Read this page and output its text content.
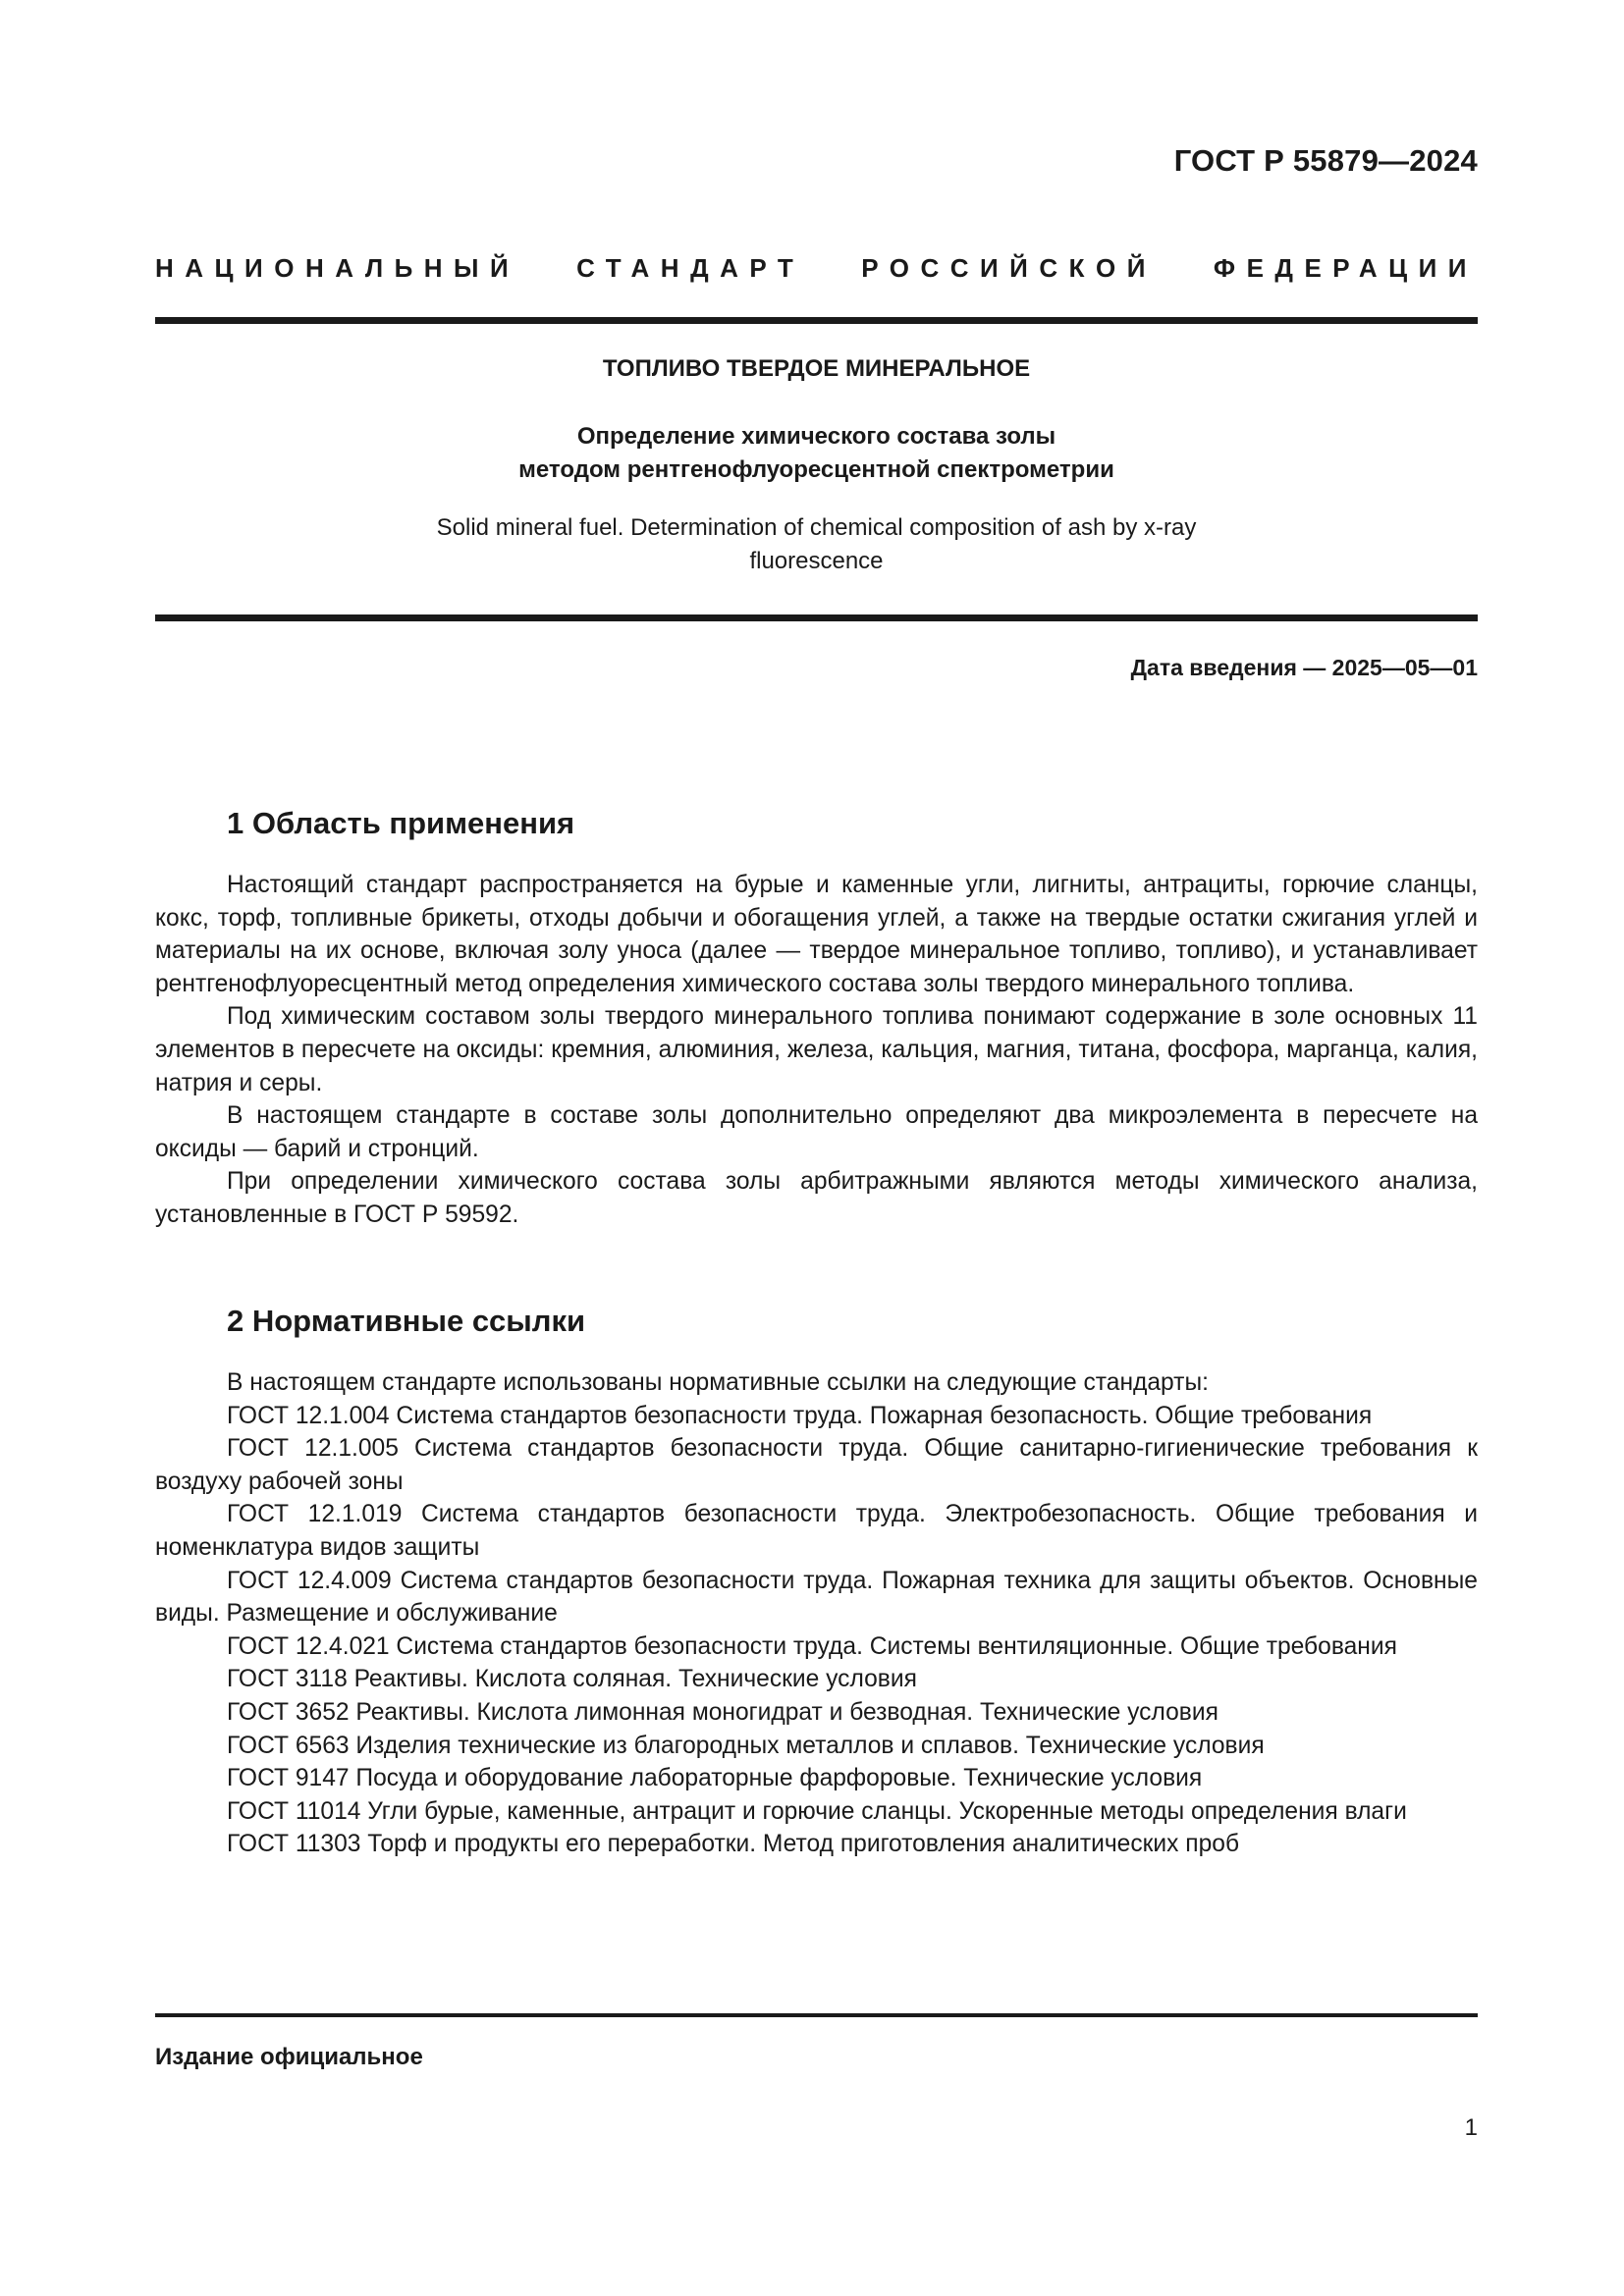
ГОСТ Р 55879—2024
НАЦИОНАЛЬНЫЙ СТАНДАРТ РОССИЙСКОЙ ФЕДЕРАЦИИ
ТОПЛИВО ТВЕРДОЕ МИНЕРАЛЬНОЕ
Определение химического состава золы
методом рентгенофлуоресцентной спектрометрии
Solid mineral fuel. Determination of chemical composition of ash by x-ray
fluorescence
Дата введения — 2025—05—01
1 Область применения

Настоящий стандарт распространяется на бурые и каменные угли, лигниты, антрациты, горючие сланцы, кокс, торф, топливные брикеты, отходы добычи и обогащения углей, а также на твердые остатки сжигания углей и материалы на их основе, включая золу уноса (далее — твердое минеральное топливо, топливо), и устанавливает рентгенофлуоресцентный метод определения химического состава золы твердого минерального топлива.

Под химическим составом золы твердого минерального топлива понимают содержание в золе основных 11 элементов в пересчете на оксиды: кремния, алюминия, железа, кальция, магния, титана, фосфора, марганца, калия, натрия и серы.

В настоящем стандарте в составе золы дополнительно определяют два микроэлемента в пересчете на оксиды — барий и стронций.

При определении химического состава золы арбитражными являются методы химического анализа, установленные в ГОСТ Р 59592.

2 Нормативные ссылки

В настоящем стандарте использованы нормативные ссылки на следующие стандарты:

ГОСТ 12.1.004 Система стандартов безопасности труда. Пожарная безопасность. Общие требования

ГОСТ 12.1.005 Система стандартов безопасности труда. Общие санитарно-гигиенические требования к воздуху рабочей зоны

ГОСТ 12.1.019 Система стандартов безопасности труда. Электробезопасность. Общие требования и номенклатура видов защиты

ГОСТ 12.4.009 Система стандартов безопасности труда. Пожарная техника для защиты объектов. Основные виды. Размещение и обслуживание

ГОСТ 12.4.021 Система стандартов безопасности труда. Системы вентиляционные. Общие требования

ГОСТ 3118 Реактивы. Кислота соляная. Технические условия

ГОСТ 3652 Реактивы. Кислота лимонная моногидрат и безводная. Технические условия

ГОСТ 6563 Изделия технические из благородных металлов и сплавов. Технические условия

ГОСТ 9147 Посуда и оборудование лабораторные фарфоровые. Технические условия

ГОСТ 11014 Угли бурые, каменные, антрацит и горючие сланцы. Ускоренные методы определения влаги

ГОСТ 11303 Торф и продукты его переработки. Метод приготовления аналитических проб

Издание официальное
1
